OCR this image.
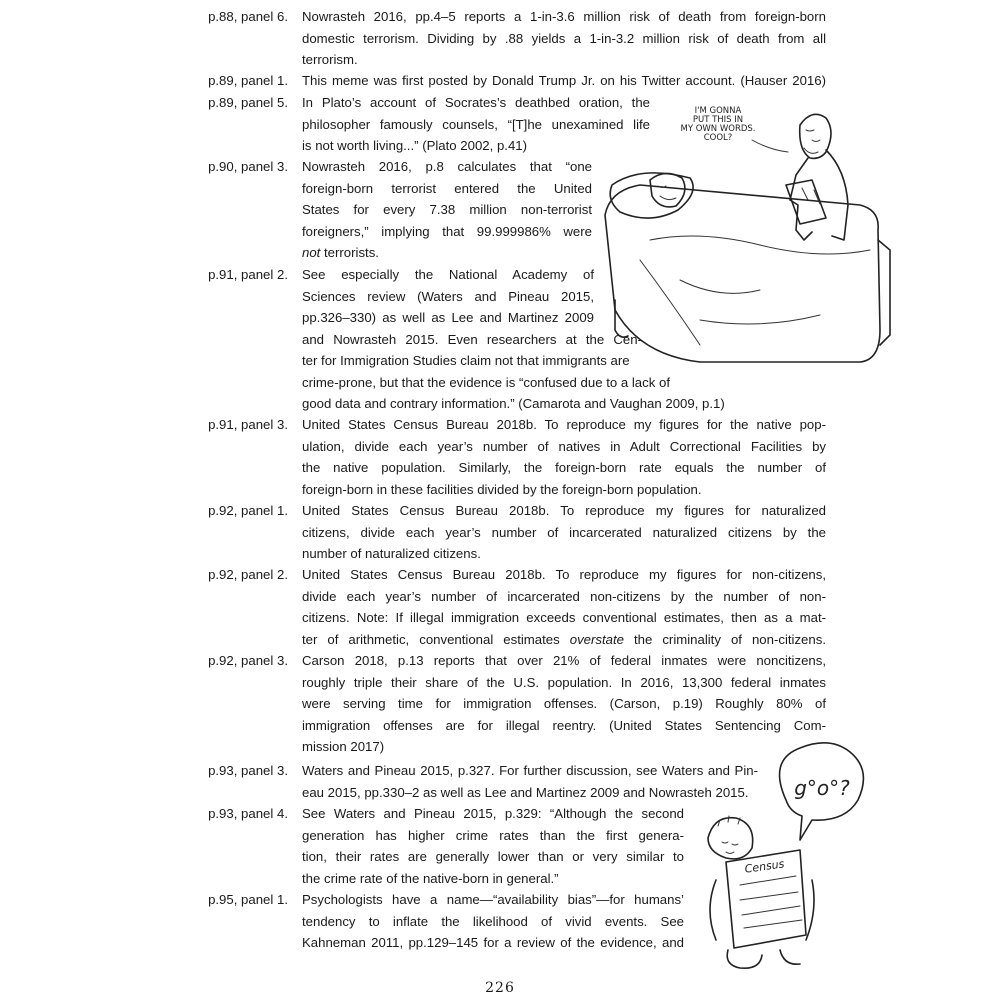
p.88, panel 6. Nowrasteh 2016, pp.4–5 reports a 1-in-3.6 million risk of death from foreign-born
domestic terrorism. Dividing by .88 yields a 1-in-3.2 million risk of death from all
terrorism.
p.89, panel 1. This meme was first posted by Donald Trump Jr. on his Twitter account. (Hauser 2016)
p.89, panel 5. In Plato’s account of Socrates’s deathbed oration, the
philosopher famously counsels, “[T]he unexamined life
is not worth living...” (Plato 2002, p.41)
p.90, panel 3. Nowrasteh 2016, p.8 calculates that “one
foreign-born terrorist entered the United
States for every 7.38 million non-terrorist
foreigners,” implying that 99.999986% were
not terrorists.
p.91, panel 2. See especially the National Academy of
Sciences review (Waters and Pineau 2015,
pp.326–330) as well as Lee and Martinez 2009
and Nowrasteh 2015. Even researchers at the Cen-
ter for Immigration Studies claim not that immigrants are
crime-prone, but that the evidence is “confused due to a lack of
good data and contrary information.” (Camarota and Vaughan 2009, p.1)
p.91, panel 3. United States Census Bureau 2018b. To reproduce my figures for the native pop-
ulation, divide each year’s number of natives in Adult Correctional Facilities by
the native population. Similarly, the foreign-born rate equals the number of
foreign-born in these facilities divided by the foreign-born population.
p.92, panel 1. United States Census Bureau 2018b. To reproduce my figures for naturalized
citizens, divide each year’s number of incarcerated naturalized citizens by the
number of naturalized citizens.
p.92, panel 2. United States Census Bureau 2018b. To reproduce my figures for non-citizens,
divide each year’s number of incarcerated non-citizens by the number of non-
citizens. Note: If illegal immigration exceeds conventional estimates, then as a mat-
ter of arithmetic, conventional estimates overstate the criminality of non-citizens.
p.92, panel 3. Carson 2018, p.13 reports that over 21% of federal inmates were noncitizens,
roughly triple their share of the U.S. population. In 2016, 13,300 federal inmates
were serving time for immigration offenses. (Carson, p.19) Roughly 80% of
immigration offenses are for illegal reentry. (United States Sentencing Com-
mission 2017)
p.93, panel 3. Waters and Pineau 2015, p.327. For further discussion, see Waters and Pin-
eau 2015, pp.330–2 as well as Lee and Martinez 2009 and Nowrasteh 2015.
p.93, panel 4. See Waters and Pineau 2015, p.329: “Although the second
generation has higher crime rates than the first genera-
tion, their rates are generally lower than or very similar to
the crime rate of the native-born in general.”
p.95, panel 1. Psychologists have a name—“availability bias”—for humans’
tendency to inflate the likelihood of vivid events. See
Kahneman 2011, pp.129–145 for a review of the evidence, and
I'M GONNA
PUT THIS IN
MY OWN WORDS.
COOL?
g°o°?
Census
226
